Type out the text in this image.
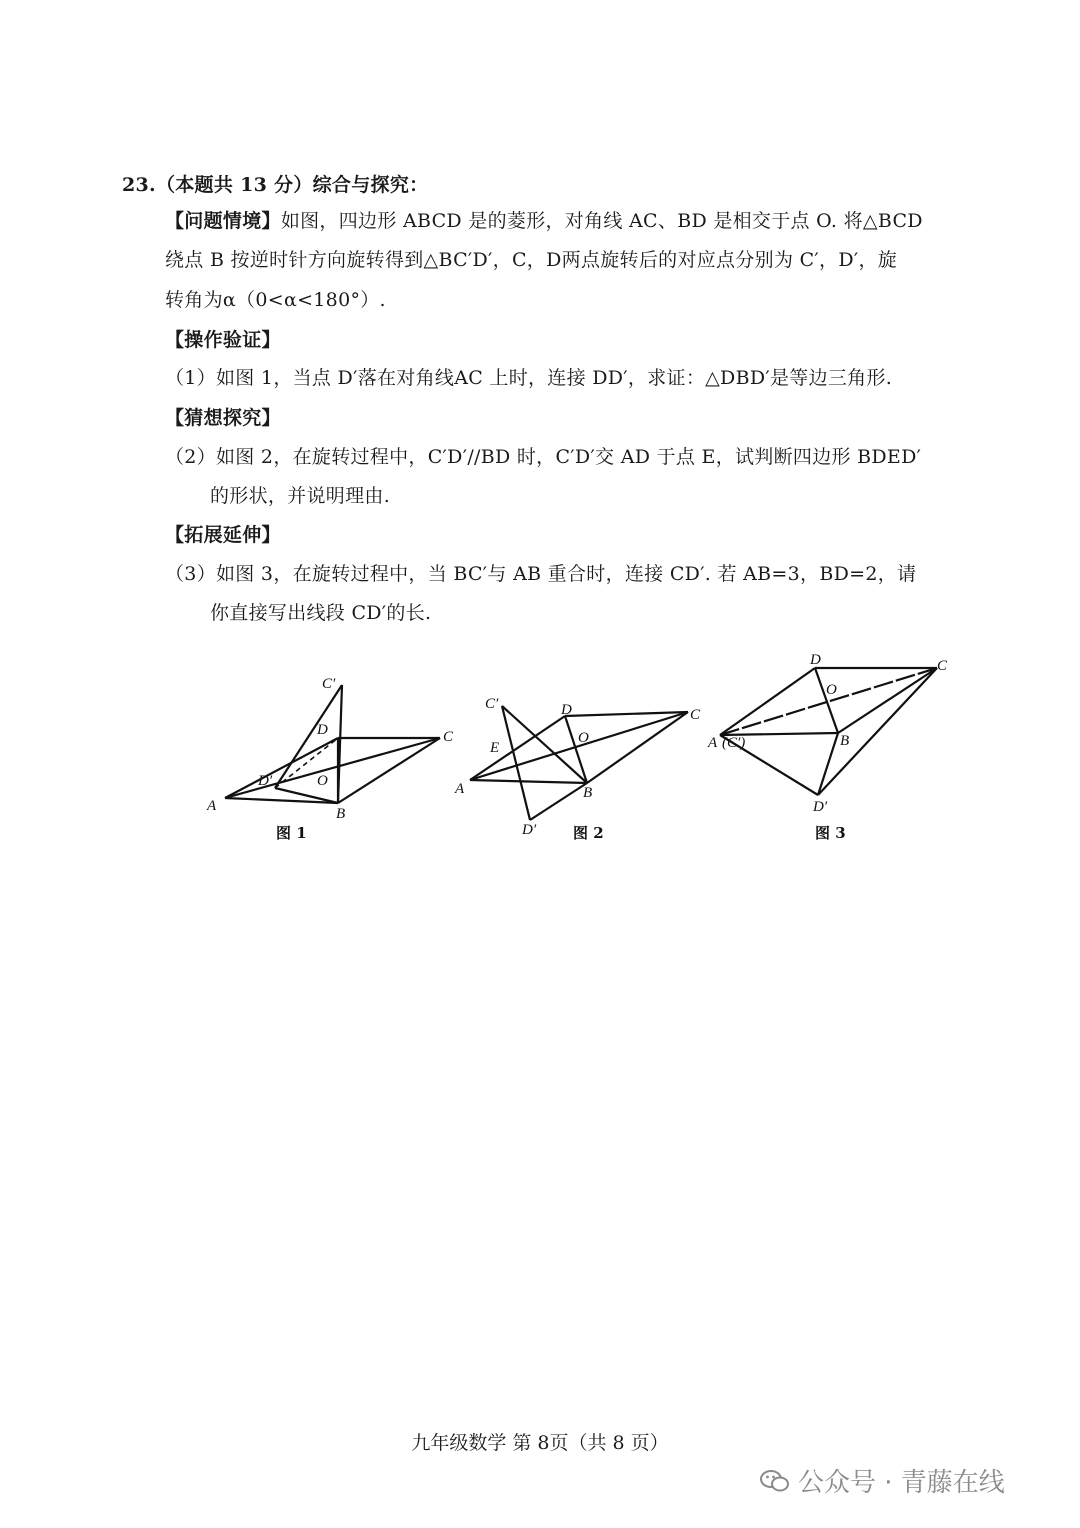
23.（本题共 13 分）综合与探究：
【问题情境】如图，四边形 ABCD 是的菱形，对角线 AC、BD 是相交于点 O. 将△BCD
绕点 B 按逆时针方向旋转得到△BC′D′，C，D两点旋转后的对应点分别为 C′，D′，旋
转角为α（0<α<180°）.
【操作验证】
（1）如图 1，当点 D′落在对角线AC 上时，连接 DD′，求证：△DBD′是等边三角形.
【猜想探究】
（2）如图 2，在旋转过程中，C′D′//BD 时，C′D′交 AD 于点 E，试判断四边形 BDED′
的形状，并说明理由.
【拓展延伸】
（3）如图 3，在旋转过程中，当 BC′与 AB 重合时，连接 CD′. 若 AB=3，BD=2，请
你直接写出线段 CD′的长.
C′
D	C
O
D′
A	B
图 1
C′	D	C
O
E
A	B
D′ 图 2
D	C
O
A (C′)	B
D′
图 3
九年级数学 第 8页（共 8 页）
公众号 · 青藤在线
